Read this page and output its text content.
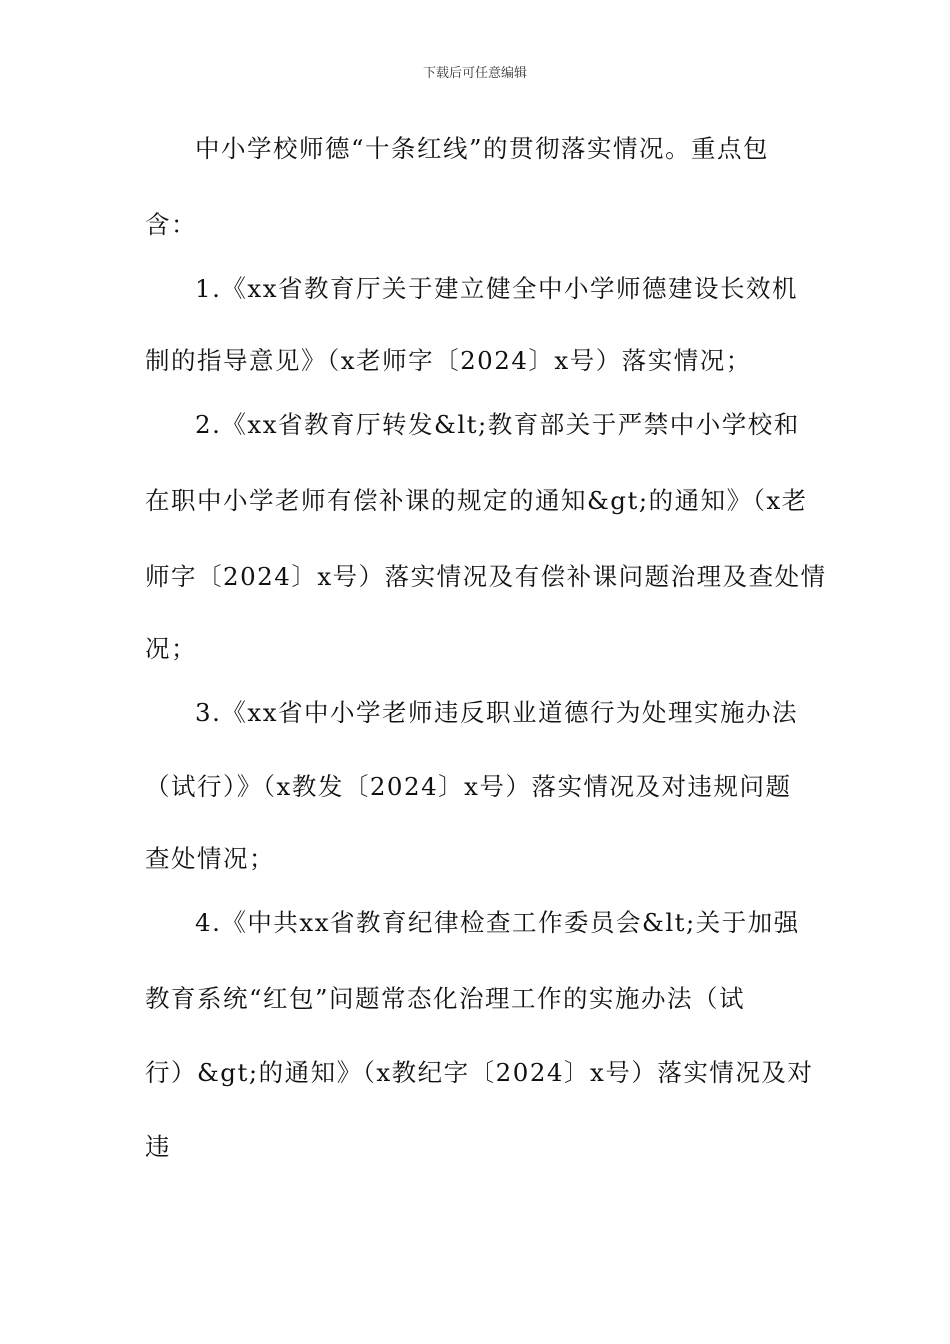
下载后可任意编辑
中小学校师德“十条红线”的贯彻落实情况。重点包
含：
1.《xx省教育厅关于建立健全中小学师德建设长效机
制的指导意见》（x老师字〔2024〕x号）落实情况；
2.《xx省教育厅转发&lt;教育部关于严禁中小学校和
在职中小学老师有偿补课的规定的通知&gt;的通知》（x老
师字〔2024〕x号）落实情况及有偿补课问题治理及查处情
况；
3.《xx省中小学老师违反职业道德行为处理实施办法
（试行）》（x教发〔2024〕x号）落实情况及对违规问题
查处情况；
4.《中共xx省教育纪律检查工作委员会&lt;关于加强
教育系统“红包”问题常态化治理工作的实施办法（试
行）&gt;的通知》（x教纪字〔2024〕x号）落实情况及对
违
